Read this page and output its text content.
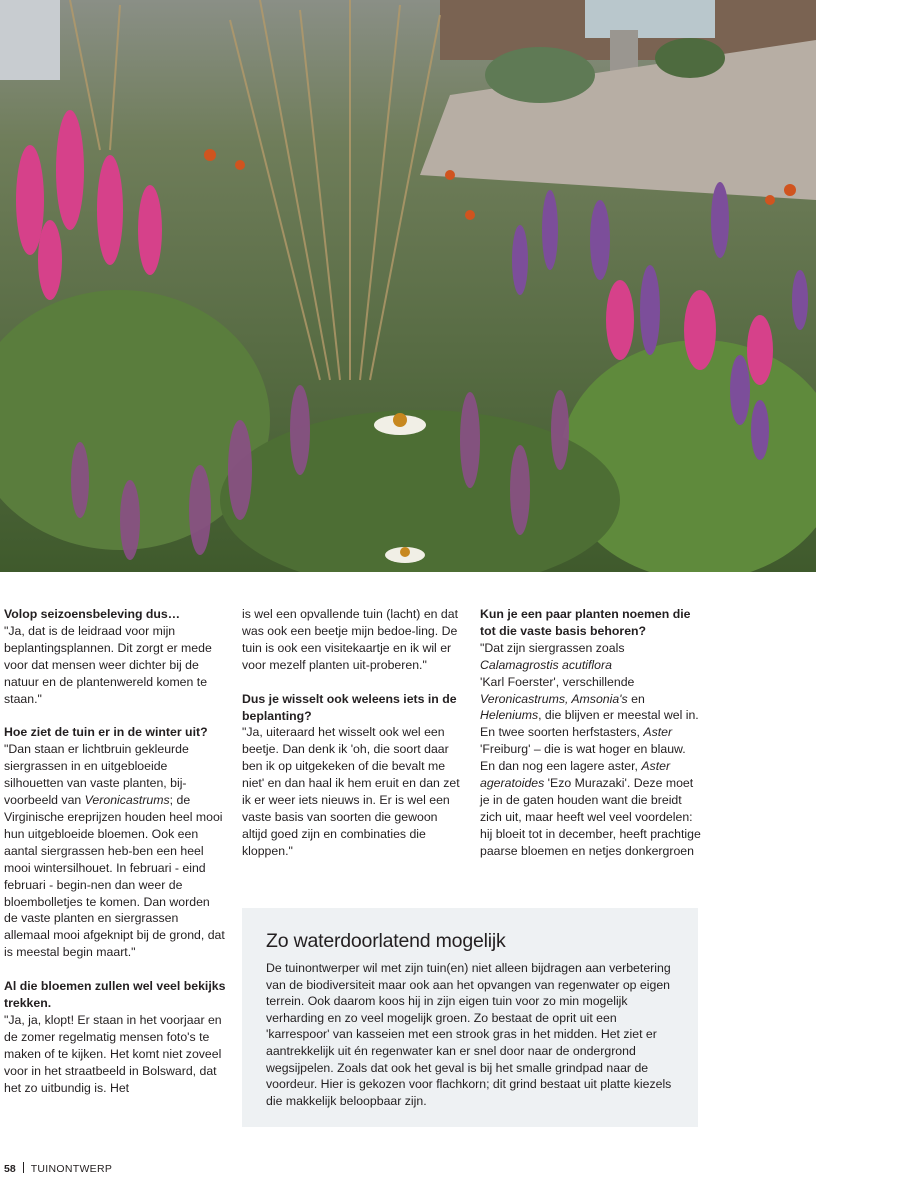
Volop seizoensbeleving dus…

"Ja, dat is de leidraad voor mijn beplantingsplannen. Dit zorgt er mede voor dat mensen weer dichter bij de natuur en de plantenwereld komen te staan."

Hoe ziet de tuin er in de winter uit?

"Dan staan er lichtbruin gekleurde siergrassen in en uitgebloeide silhouetten van vaste planten, bij-voorbeeld van Veronicastrums; de Virginische ereprijzen houden heel mooi hun uitgebloeide bloemen. Ook een aantal siergrassen heb-ben een heel mooi wintersilhouet. In februari - eind februari - begin-nen dan weer de bloembolletjes te komen. Dan worden de vaste planten en siergrassen allemaal mooi afgeknipt bij de grond, dat is meestal begin maart."

Al die bloemen zullen wel veel bekijks trekken.

"Ja, ja, klopt! Er staan in het voorjaar en de zomer regelmatig mensen foto's te maken of te kijken. Het komt niet zoveel voor in het straatbeeld in Bolsward, dat het zo uitbundig is. Het

is wel een opvallende tuin (lacht) en dat was ook een beetje mijn bedoe-ling. De tuin is ook een visitekaartje en ik wil er voor mezelf planten uit-proberen."

Dus je wisselt ook weleens iets in de beplanting?

"Ja, uiteraard het wisselt ook wel een beetje. Dan denk ik 'oh, die soort daar ben ik op uitgekeken of die bevalt me niet' en dan haal ik hem eruit en dan zet ik er weer iets nieuws in. Er is wel een vaste basis van soorten die gewoon altijd goed zijn en combinaties die kloppen."

Kun je een paar planten noemen die tot die vaste basis behoren?

"Dat zijn siergrassen zoals
Calamagrostis acutiflora
'Karl Foerster', verschillende
Veronicastrums, Amsonia's en
Heleniums, die blijven er meestal wel in. En twee soorten herfstasters, Aster 'Freiburg' – die is wat hoger en blauw. En dan nog een lagere aster, Aster ageratoides 'Ezo Murazaki'. Deze moet je in de gaten houden want die breidt zich uit, maar heeft wel veel voordelen: hij bloeit tot in december, heeft prachtige paarse bloemen en netjes donkergroen

Zo waterdoorlatend mogelijk

De tuinontwerper wil met zijn tuin(en) niet alleen bijdragen aan verbetering van de biodiversiteit maar ook aan het opvangen van regenwater op eigen terrein. Ook daarom koos hij in zijn eigen tuin voor zo min mogelijk verharding en zo veel mogelijk groen. Zo bestaat de oprit uit een 'karrespoor' van kasseien met een strook gras in het midden. Het ziet er aantrekkelijk uit én regenwater kan er snel door naar de ondergrond wegsijpelen. Zoals dat ook het geval is bij het smalle grindpad naar de voordeur. Hier is gekozen voor flachkorn; dit grind bestaat uit platte kiezels die makkelijk beloopbaar zijn.

58 TUINONTWERP
